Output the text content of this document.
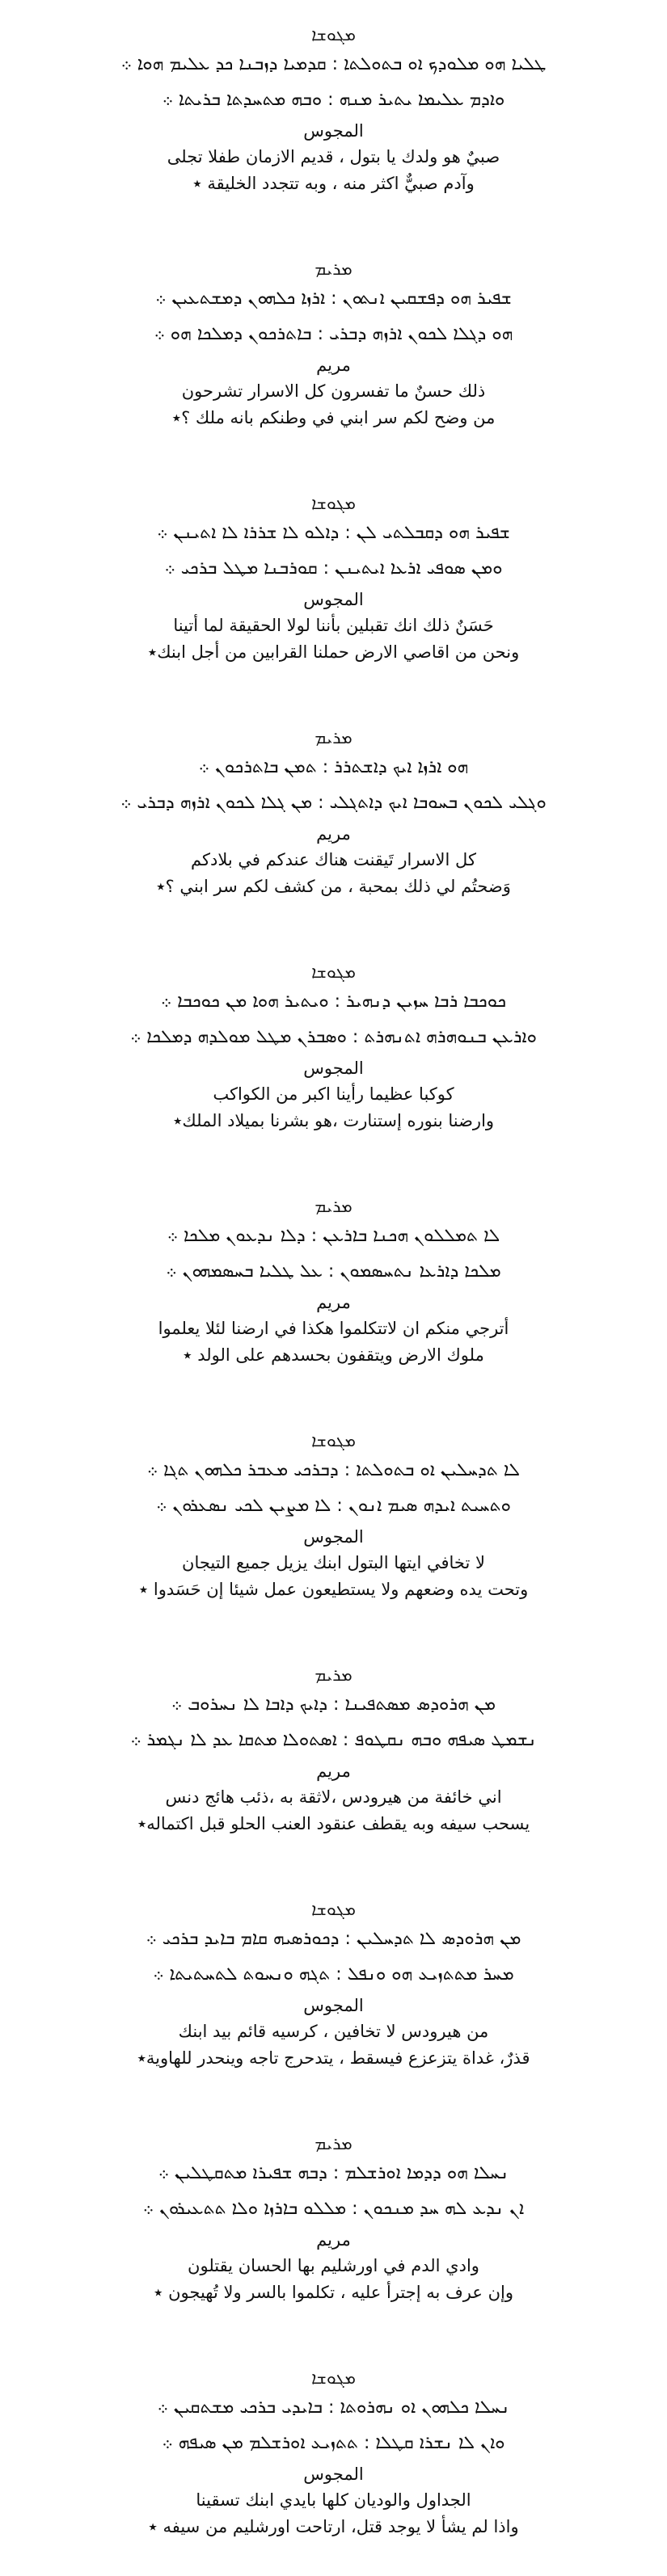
ܡܓܘܫܐ
ܛܠܝܐ ܗܘ ܡܠܘܕܟ ܐܘ ܒܬܘܠܬܐ : ܩܕܡܝܐ ܕܙܒܢܐ ܟܕ ܥܠܝܡ ܗܘܐ ܀
ܘܐܕܡ ܥܠܝܡܐ ܝܬܝܪ ܡܢܗ : ܘܒܗ ܡܬܚܕܬܐ ܒܪܝܬܐ ܀
المجوس
صبيٌ هو ولدك يا بتول ، قديم الازمان طفلا تجلى
وآدم صبيٌّ اكثر منه ، وبه تتجدد الخليقة ٭
ܡܪܝܡ
ܫܦܝܪ ܗܘ ܕܦܫܩܝܢ ܐܢܬܘܢ : ܐܪܙܐ ܟܠܗܘܢ ܕܡܫܬܥܝܢ ܀
ܗܘ ܕܓܠܐ ܠܟܘܢ ܐܪܙܗ ܕܒܪܝ : ܒܐܬܪܟܘܢ ܕܡܠܟܐ ܗܘ ܀
مريم
ذلك حسنٌ ما تفسرون كل الاسرار تشرحون
من وضح لكم سر ابني في وطنكم بانه ملك ؟٭
ܡܓܘܫܐ
ܫܦܝܪ ܗܘ ܕܩܒܠܬܝ ܠܢ : ܕܐܠܘ ܠܐ ܫܪܪܐ ܠܐ ܐܬܝܢܢ ܀
ܘܡܢ ܣܘܦܝ ܐܪܥܐ ܐܝܬܝܢܢ : ܩܘܪܒܢܐ ܡܛܠ ܒܪܟܝ ܀
المجوس
حَسَنٌ ذلك انك تقبلين بأننا لولا الحقيقة لما أتينا
ونحن من اقاصي الارض حملنا القرابين من أجل ابنك٭
ܡܪܝܡ
ܗܘ ܐܪܙܐ ܐܝܟ ܕܐܫܬܪܪ : ܬܡܢ ܒܐܬܪܟܘܢ ܀
ܘܓܠܝ ܠܟܘܢ ܒܚܘܒܐ ܐܝܟ ܕܐܬܓܠܝ : ܡܢ ܓܠܐ ܠܟܘܢ ܐܪܙܗ ܕܒܪܝ ܀
مريم
كل الاسرار تَيقنت هناك عندكم في بلادكم
وَضحتُم لي ذلك بمحبة ، من كشف لكم سر ابني ؟٭
ܡܓܘܫܐ
ܟܘܟܒܐ ܪܒܐ ܚܙܝܢ ܕܢܗܝܪ : ܘܝܬܝܪ ܗܘܐ ܡܢ ܟܘܟܒܐ ܀
ܘܐܪܥܢ ܒܢܘܗܪܗ ܐܬܢܗܪܬ : ܘܣܒܪܢ ܡܛܠ ܡܘܠܕܗ ܕܡܠܟܐ ܀
المجوس
كوكبا عظيما رأينا اكبر من الكواكب
وارضنا بنوره إستنارت ،هو بشرنا بميلاد الملك٭
ܡܪܝܡ
ܠܐ ܬܡܠܠܘܢ ܗܟܢܐ ܒܐܪܥܢ : ܕܠܐ ܢܕܥܘܢ ܡܠܟܐ ܀
ܡܠܟܐ ܕܐܪܥܐ ܢܬܚܣܡܘܢ : ܥܠ ܛܠܝܐ ܒܚܣܡܗܘܢ ܀
مريم
أترجي منكم ان لاتتكلموا هكذا في ارضنا لئلا يعلموا
ملوك الارض ويتقفون بحسدهم على الولد ٭
ܡܓܘܫܐ
ܠܐ ܬܕܚܠܝܢ ܐܘ ܒܬܘܠܬܐ : ܕܒܪܟܝ ܡܥܒܪ ܟܠܗܘܢ ܬܓܐ ܀
ܘܬܚܝܬ ܐܝܕܗ ܣܝܡ ܐܢܘܢ : ܠܐ ܡܨܝܢ ܠܟܝ ܢܣܥܪܘܢ ܀
المجوس
لا تخافي ايتها البتول ابنك يزيل جميع التيجان
وتحت يده وضعهم ولا يستطيعون عمل شيئا إن حَسَدوا ٭
ܡܪܝܡ
ܡܢ ܗܪܘܕܣ ܡܣܬܦܝܢܐ : ܕܐܝܟ ܕܐܒܐ ܠܐ ܢܚܪܘܒ ܀
ܢܫܡܛ ܣܝܦܗ ܘܒܗ ܢܩܛܘܦ : ܐܣܬܘܠܐ ܡܬܩܐ ܥܕ ܠܐ ܢܓܡܪ ܀
مريم
اني خائفة من هيرودس ،لاثقة به ،ذئب هائج دنس
يسحب سيفه وبه يقطف عنقود العنب الحلو قبل اكتماله٭
ܡܓܘܫܐ
ܡܢ ܗܪܘܕܣ ܠܐ ܬܕܚܠܝܢ : ܕܟܘܪܣܝܗ ܩܐܡ ܒܐܝܕ ܒܪܟܝ ܀
ܡܚܪ ܡܬܬܙܝܥ ܗܘ ܘܢܦܠ : ܬܓܗ ܘܢܚܘܬ ܠܬܚܬܝܬܐ ܀
المجوس
من هيرودس لا تخافين ، كرسيه قائم بيد ابنك
قذرٌ، غداة يتزعزع فيسقط ، يتدحرج تاجه وينحدر للهاوية٭
ܡܪܝܡ
ܢܚܠܐ ܗܘ ܕܕܡܐ ܐܘܪܫܠܡ : ܕܒܗ ܫܦܝܪܐ ܡܬܩܛܠܝܢ ܀
ܐܢ ܢܕܥ ܠܗ ܚܕ ܡܢܟܘܢ : ܡܠܠܘ ܒܐܪܙܐ ܘܠܐ ܬܬܥܝܪܘܢ ܀
مريم
وادي الدم في اورشليم بها الحسان يقتلون
وإن عرف به إجترأ عليه ، تكلموا بالسر ولا تُهيجون ٭
ܡܓܘܫܐ
ܢܚܠܐ ܟܠܗܘܢ ܐܘ ܢܗܪܘܬܐ : ܒܐܝܕܝ ܒܪܟܝ ܡܫܬܩܝܢ ܀
ܘܐܢ ܠܐ ܢܫܪܐ ܩܛܠܐ : ܬܬܙܝܥ ܐܘܪܫܠܡ ܡܢ ܣܝܦܗ ܀
المجوس
الجداول والوديان كلها بايدي ابنك تسقينا
واذا لم يشأ لا يوجد قتل، ارتاحت اورشليم من سيفه ٭
